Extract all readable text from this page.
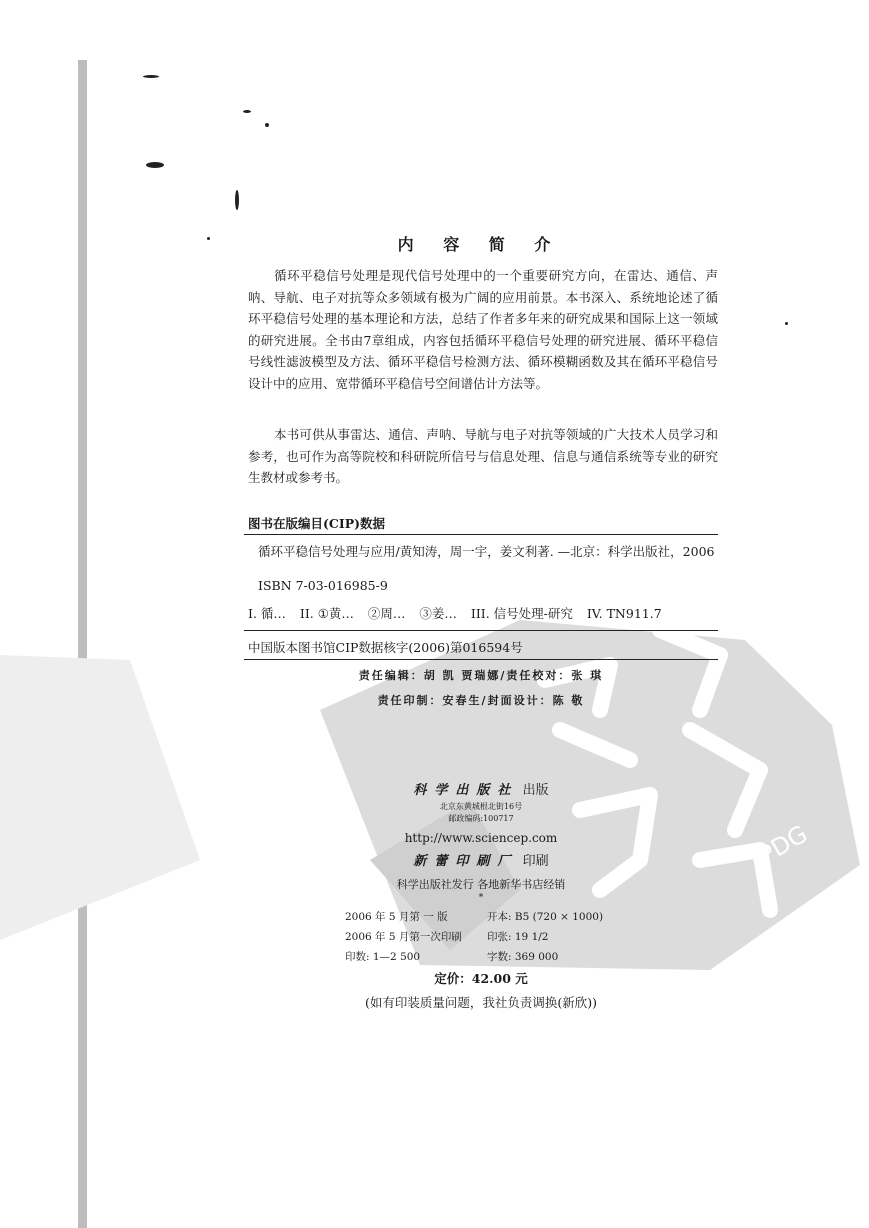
PDG
内 容 简 介
循环平稳信号处理是现代信号处理中的一个重要研究方向，在雷达、通信、声呐、导航、电子对抗等众多领域有极为广阔的应用前景。本书深入、系统地论述了循环平稳信号处理的基本理论和方法，总结了作者多年来的研究成果和国际上这一领域的研究进展。全书由7章组成，内容包括循环平稳信号处理的研究进展、循环平稳信号线性滤波模型及方法、循环平稳信号检测方法、循环模糊函数及其在循环平稳信号设计中的应用、宽带循环平稳信号空间谱估计方法等。
本书可供从事雷达、通信、声呐、导航与电子对抗等领域的广大技术人员学习和参考，也可作为高等院校和科研院所信号与信息处理、信息与通信系统等专业的研究生教材或参考书。
图书在版编目(CIP)数据
循环平稳信号处理与应用/黄知涛，周一宇，姜文利著. —北京：科学出版社，2006
ISBN 7-03-016985-9
I. 循… II. ①黄… ②周… ③姜… III. 信号处理-研究 IV. TN911.7
中国版本图书馆CIP数据核字(2006)第016594号
责任编辑：胡 凯 贾瑞娜/责任校对：张 琪
责任印制：安春生/封面设计：陈 敬
科学出版社 出版
北京东黄城根北街16号
邮政编码:100717
http://www.sciencep.com
新蕾印刷厂 印刷
科学出版社发行 各地新华书店经销
*
2006 年 5 月第 一 版
2006 年 5 月第一次印刷
印数: 1—2 500
开本: B5 (720 × 1000)
印张: 19 1/2
字数: 369 000
定价：42.00 元
(如有印装质量问题，我社负责调换(新欣))
